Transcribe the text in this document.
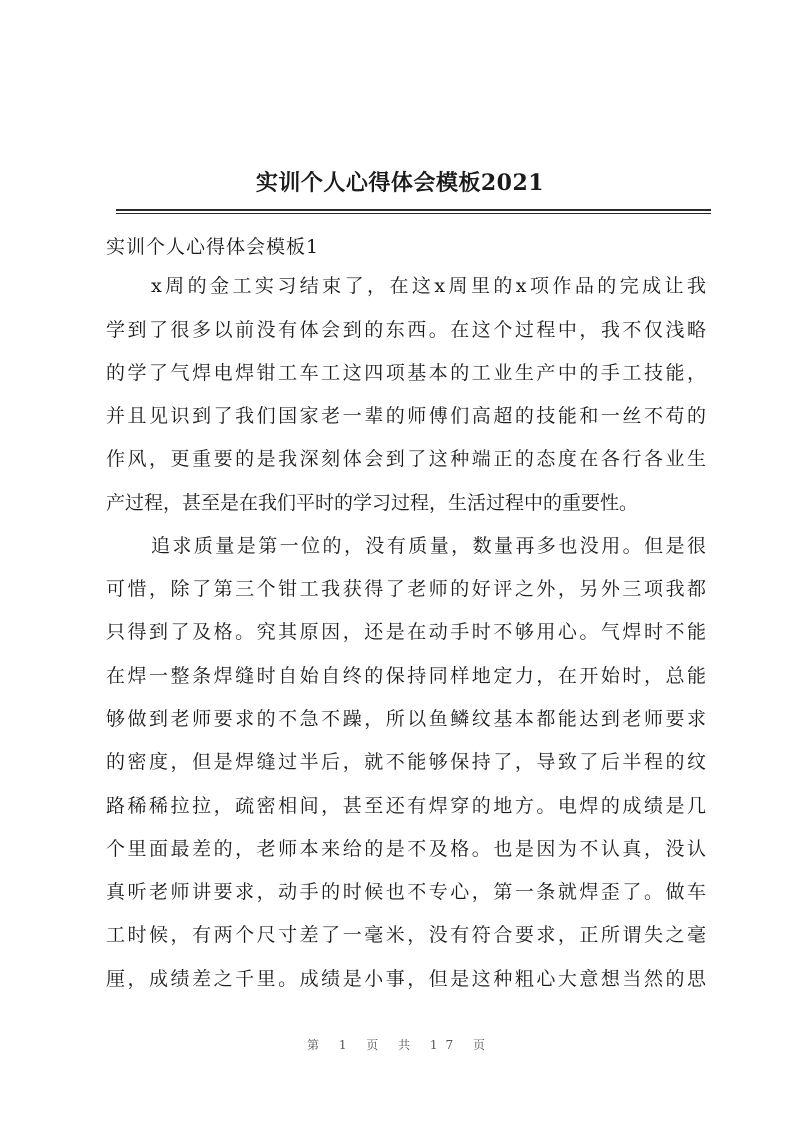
实训个人心得体会模板2021
实训个人心得体会模板1
x周的金工实习结束了，在这x周里的x项作品的完成让我
学到了很多以前没有体会到的东西。在这个过程中，我不仅浅略
的学了气焊电焊钳工车工这四项基本的工业生产中的手工技能，
并且见识到了我们国家老一辈的师傅们高超的技能和一丝不苟的
作风，更重要的是我深刻体会到了这种端正的态度在各行各业生
产过程，甚至是在我们平时的学习过程，生活过程中的重要性。
追求质量是第一位的，没有质量，数量再多也没用。但是很
可惜，除了第三个钳工我获得了老师的好评之外，另外三项我都
只得到了及格。究其原因，还是在动手时不够用心。气焊时不能
在焊一整条焊缝时自始自终的保持同样地定力，在开始时，总能
够做到老师要求的不急不躁，所以鱼鳞纹基本都能达到老师要求
的密度，但是焊缝过半后，就不能够保持了，导致了后半程的纹
路稀稀拉拉，疏密相间，甚至还有焊穿的地方。电焊的成绩是几
个里面最差的，老师本来给的是不及格。也是因为不认真，没认
真听老师讲要求，动手的时候也不专心，第一条就焊歪了。做车
工时候，有两个尺寸差了一毫米，没有符合要求，正所谓失之毫
厘，成绩差之千里。成绩是小事，但是这种粗心大意想当然的思
第 1 页 共 17 页
